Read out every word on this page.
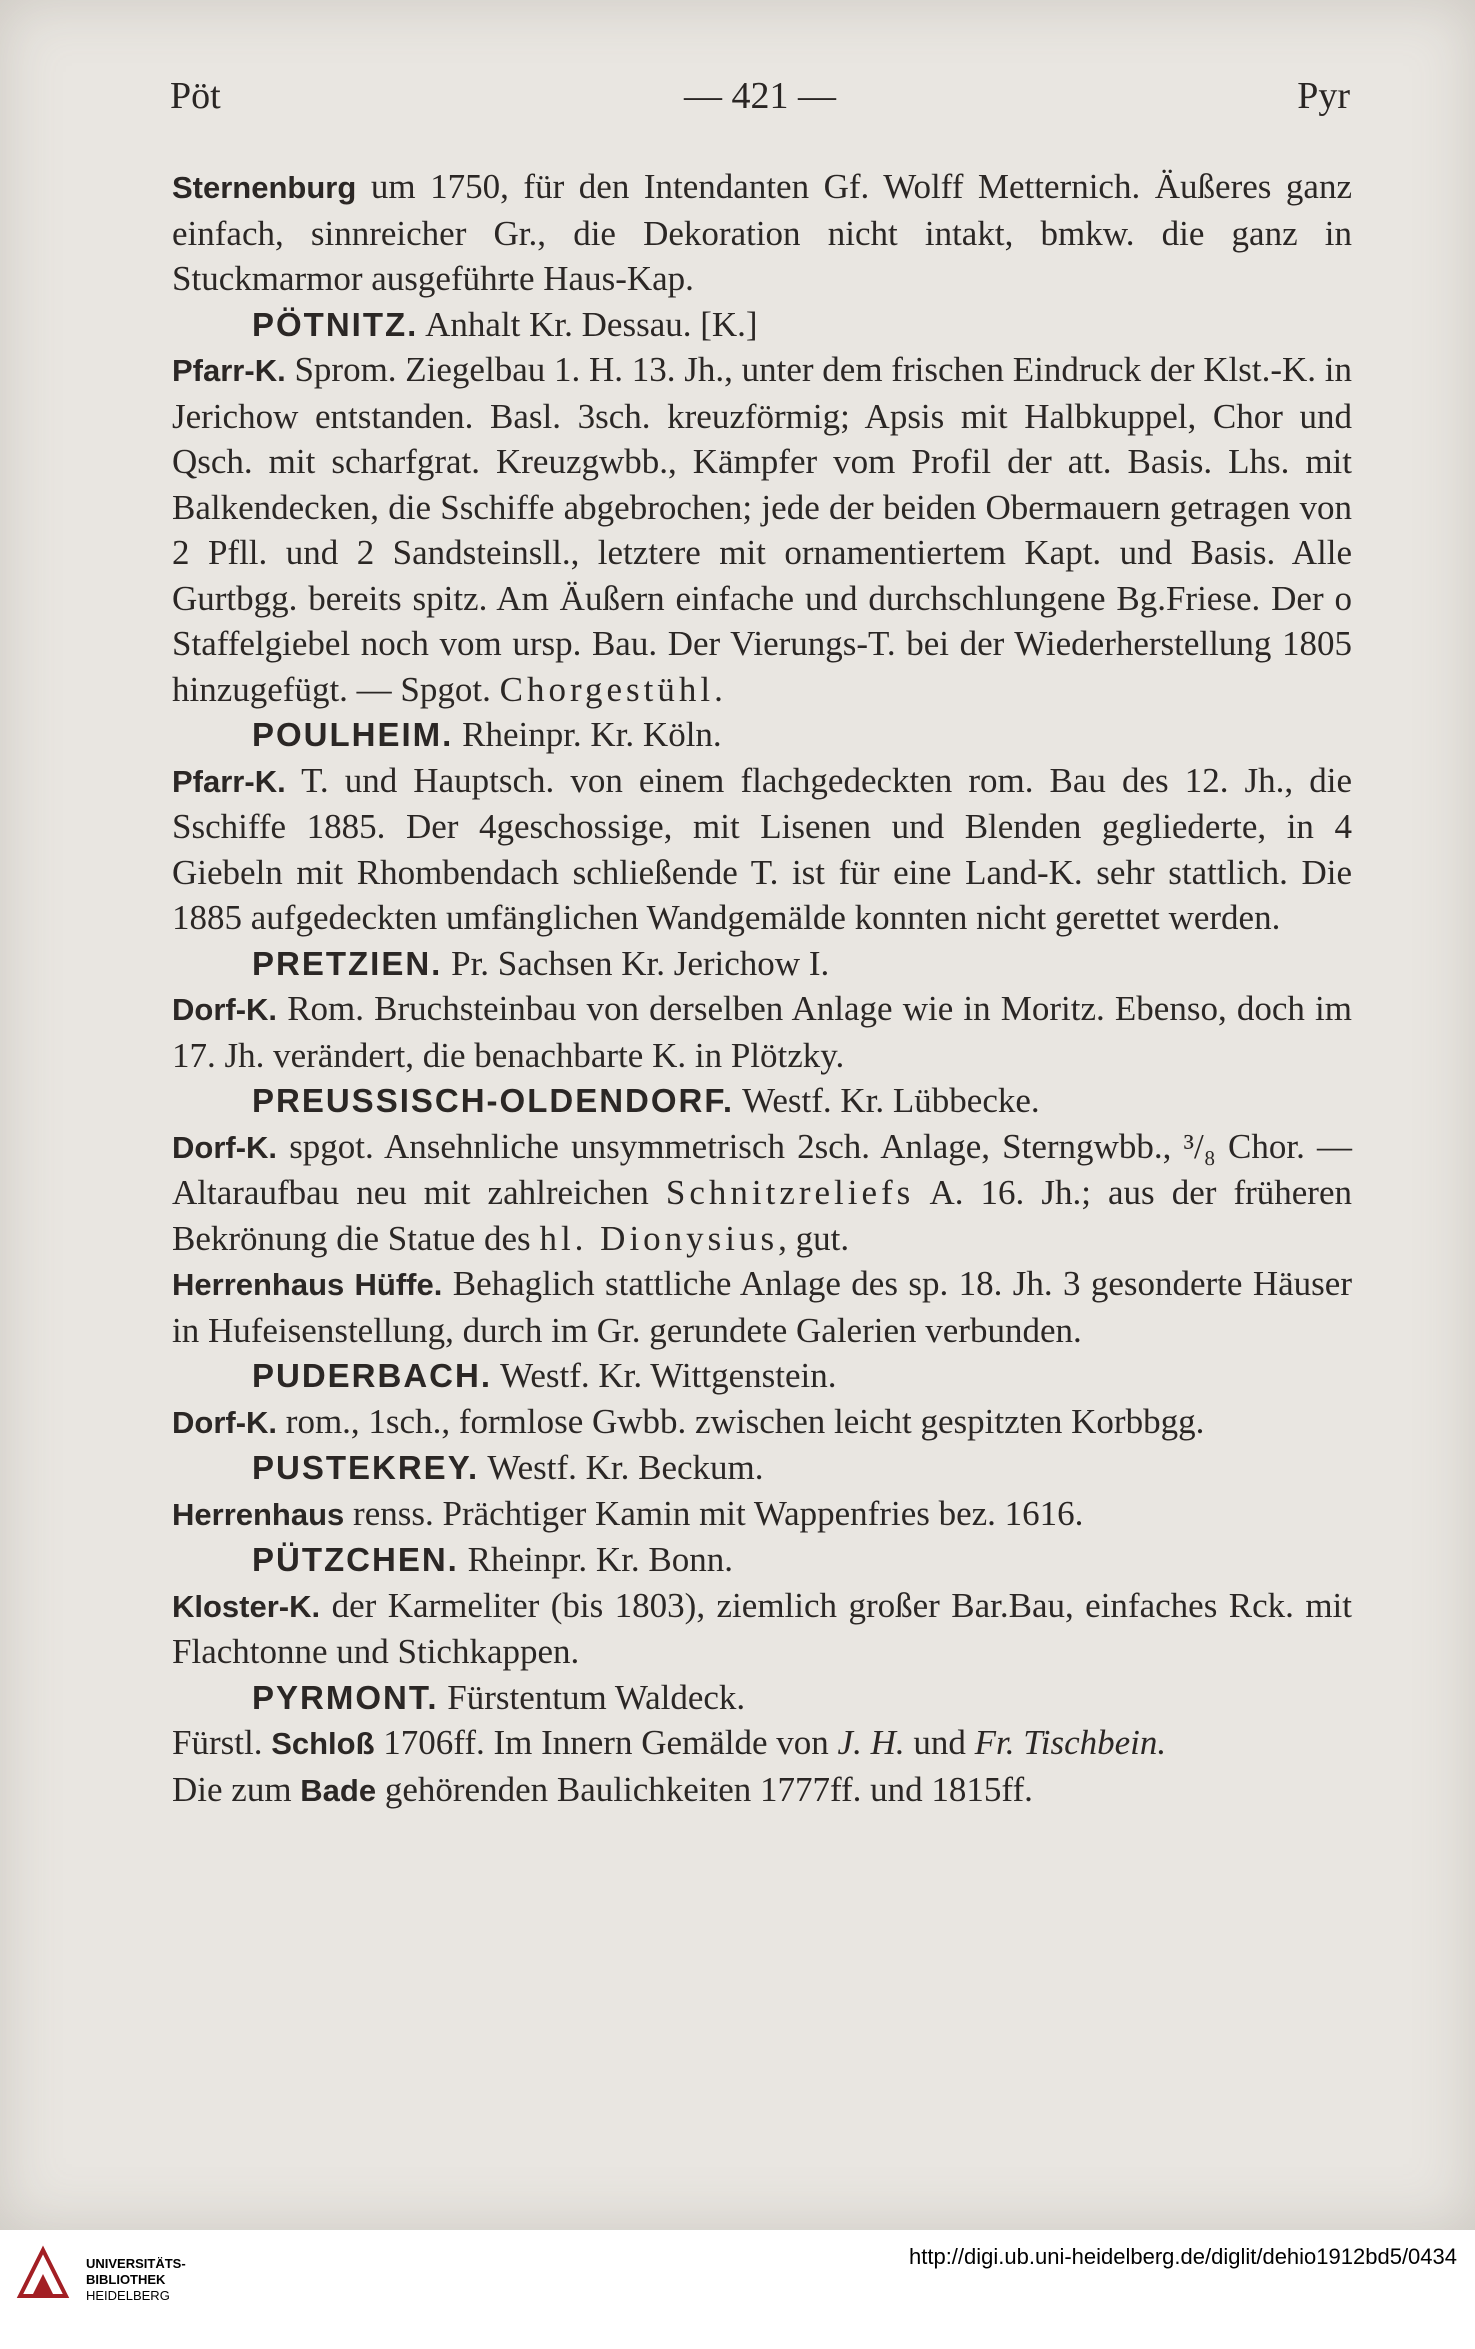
Pöt	— 421 —	Pyr

Sternenburg um 1750, für den Intendanten Gf. Wolff Metternich. Äußeres ganz einfach, sinnreicher Gr., die Dekoration nicht intakt, bmkw. die ganz in Stuckmarmor ausgeführte Haus-Kap.

PÖTNITZ. Anhalt Kr. Dessau. [K.]

Pfarr-K. Sprom. Ziegelbau 1. H. 13. Jh., unter dem frischen Eindruck der Klst.-K. in Jerichow entstanden. Basl. 3sch. kreuzförmig; Apsis mit Halbkuppel, Chor und Qsch. mit scharfgrat. Kreuzgwbb., Kämpfer vom Profil der att. Basis. Lhs. mit Balkendecken, die Sschiffe abgebrochen; jede der beiden Obermauern getragen von 2 Pfll. und 2 Sandsteinsll., letztere mit ornamentiertem Kapt. und Basis. Alle Gurtbgg. bereits spitz. Am Äußern einfache und durchschlungene Bg.Friese. Der o Staffelgiebel noch vom ursp. Bau. Der Vierungs-T. bei der Wiederherstellung 1805 hinzugefügt. — Spgot. Chorgestühl.

POULHEIM. Rheinpr. Kr. Köln.

Pfarr-K. T. und Hauptsch. von einem flachgedeckten rom. Bau des 12. Jh., die Sschiffe 1885. Der 4geschossige, mit Lisenen und Blenden gegliederte, in 4 Giebeln mit Rhombendach schließende T. ist für eine Land-K. sehr stattlich. Die 1885 aufgedeckten umfänglichen Wandgemälde konnten nicht gerettet werden.

PRETZIEN. Pr. Sachsen Kr. Jerichow I.

Dorf-K. Rom. Bruchsteinbau von derselben Anlage wie in Moritz. Ebenso, doch im 17. Jh. verändert, die benachbarte K. in Plötzky.

PREUSSISCH-OLDENDORF. Westf. Kr. Lübbecke.

Dorf-K. spgot. Ansehnliche unsymmetrisch 2sch. Anlage, Sterngwbb., ³/₈ Chor. — Altaraufbau neu mit zahlreichen Schnitzreliefs A. 16. Jh.; aus der früheren Bekrönung die Statue des hl. Dionysius, gut.

Herrenhaus Hüffe. Behaglich stattliche Anlage des sp. 18. Jh. 3 gesonderte Häuser in Hufeisenstellung, durch im Gr. gerundete Galerien verbunden.

PUDERBACH. Westf. Kr. Wittgenstein.

Dorf-K. rom., 1sch., formlose Gwbb. zwischen leicht gespitzten Korbbgg.

PUSTEKREY. Westf. Kr. Beckum.

Herrenhaus renss. Prächtiger Kamin mit Wappenfries bez. 1616.

PÜTZCHEN. Rheinpr. Kr. Bonn.

Kloster-K. der Karmeliter (bis 1803), ziemlich großer Bar.Bau, einfaches Rck. mit Flachtonne und Stichkappen.

PYRMONT. Fürstentum Waldeck.

Fürstl. Schloß 1706ff. Im Innern Gemälde von J. H. und Fr. Tischbein.

Die zum Bade gehörenden Baulichkeiten 1777ff. und 1815ff.

UNIVERSITÄTS-
BIBLIOTHEK
HEIDELBERG
http://digi.ub.uni-heidelberg.de/diglit/dehio1912bd5/0434
